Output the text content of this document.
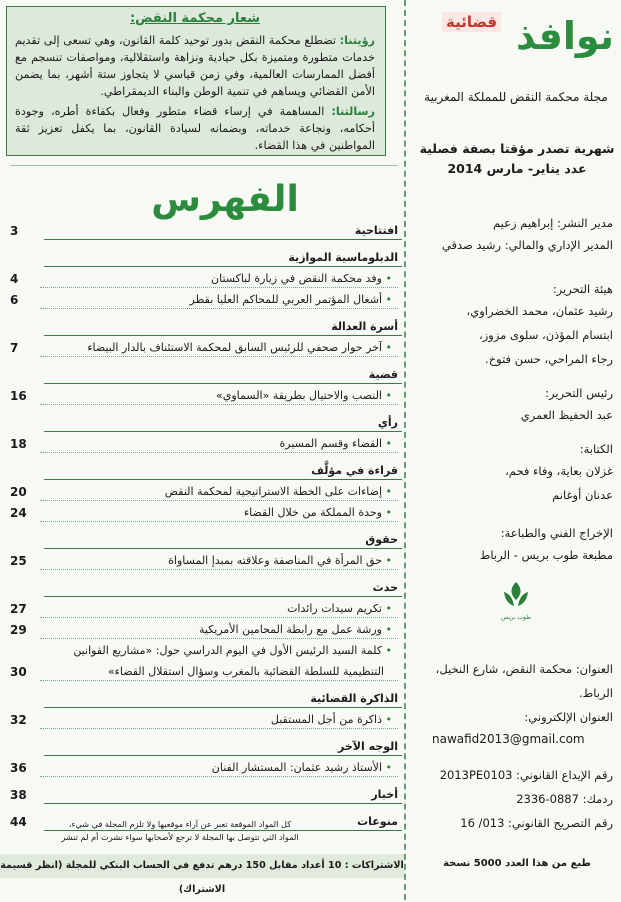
شعار محكمة النقض:

رؤيتنا: تضطلع محكمة النقض بدور توحيد كلمة القانون، وهي تسعى إلى تقديم خدمات متطورة ومتميزة بكل حيادية ونزاهة واستقلالية، ومواصفات تنسجم مع أفضل الممارسات العالمية، وفي زمن قياسي لا يتجاوز ستة أشهر، بما يضمن الأمن القضائي ويساهم في تنمية الوطن والبناء الديمقراطي.

رسالتنا: المساهمة في إرساء قضاء متطور وفعال بكفاءة أطره، وجودة أحكامه، ونجاعة خدماته، وبضمانه لسيادة القانون، بما يكفل تعزيز ثقة المواطنين في هذا القضاء.

نوافذ
قضائية
مجلة محكمة النقض للمملكة المغربية
شهرية تصدر مؤقتا بصفة فصلية
عدد يناير- مارس 2014
مدير النشر: إبراهيم زعيم
المدير الإداري والمالي: رشيد صدقي
هيئة التحرير:
رشيد عثمان، محمد الخضراوي،
ابتسام المؤذن، سلوى مزوز،
رجاء المراحي، حسن فتوخ.
رئيس التحرير:
عبد الحفيظ العمري
الكتابة:
غزلان بعاية، وفاء فحم،
عدنان أوغانم
الإخراج الفني والطباعة:
مطبعة طوب بريس - الرباط
طوب بريس
العنوان: محكمة النقض، شارع النخيل،
الرباط.
العنوان الإلكتروني:
nawafid2013@gmail.com
رقم الإيداع القانوني: 2013PE0103
ردمك: 0887-2336
رقم التصريح القانوني: 013/ 16
طبع من هذا العدد 5000 نسخة
الفهرس
افتتاحية
3
الدبلوماسية الموازية
• وفد محكمة النقض في زيارة لباكستان
4
• أشغال المؤتمر العربي للمحاكم العليا بقطر
6
أسرة العدالة
• آخر حوار صحفي للرئيس السابق لمحكمة الاستئناف بالدار البيضاء
7
قضية
• النصب والاحتيال بطريقة «السماوي»
16
رأي
• القضاء وقسم المسيرة
18
قراءة في مؤلَّف
• إضاءات على الخطة الاستراتيجية لمحكمة النقض
20
• وحدة المملكة من خلال القضاء
24
حقوق
• حق المرأة في المناصفة وعلاقته بمبدإ المساواة
25
حدث
• تكريم سيدات رائدات
27
• ورشة عمل مع رابطة المحامين الأمريكية
29
• كلمة السيد الرئيس الأول في اليوم الدراسي حول: «مشاريع القوانين
التنظيمية للسلطة القضائية بالمغرب وسؤال استقلال القضاء»
30
الذاكرة القضائية
• ذاكرة من أجل المستقبل
32
الوجه الآخر
• الأستاذ رشيد عثمان: المستشار الفنان
36
أخبار
38
منوعات
44	كل المواد الموقعة تعبر عن آراء موقعيها ولا تلزم المجلة في شيء،
المواد التي تتوصل بها المجلة لا ترجع لأصحابها سواء نشرت أم لم تنشر
الاشتراكات : 10 أعداد مقابل 150 درهم تدفع في الحساب البنكي للمجلة (انظر قسيمة الاشتراك)
